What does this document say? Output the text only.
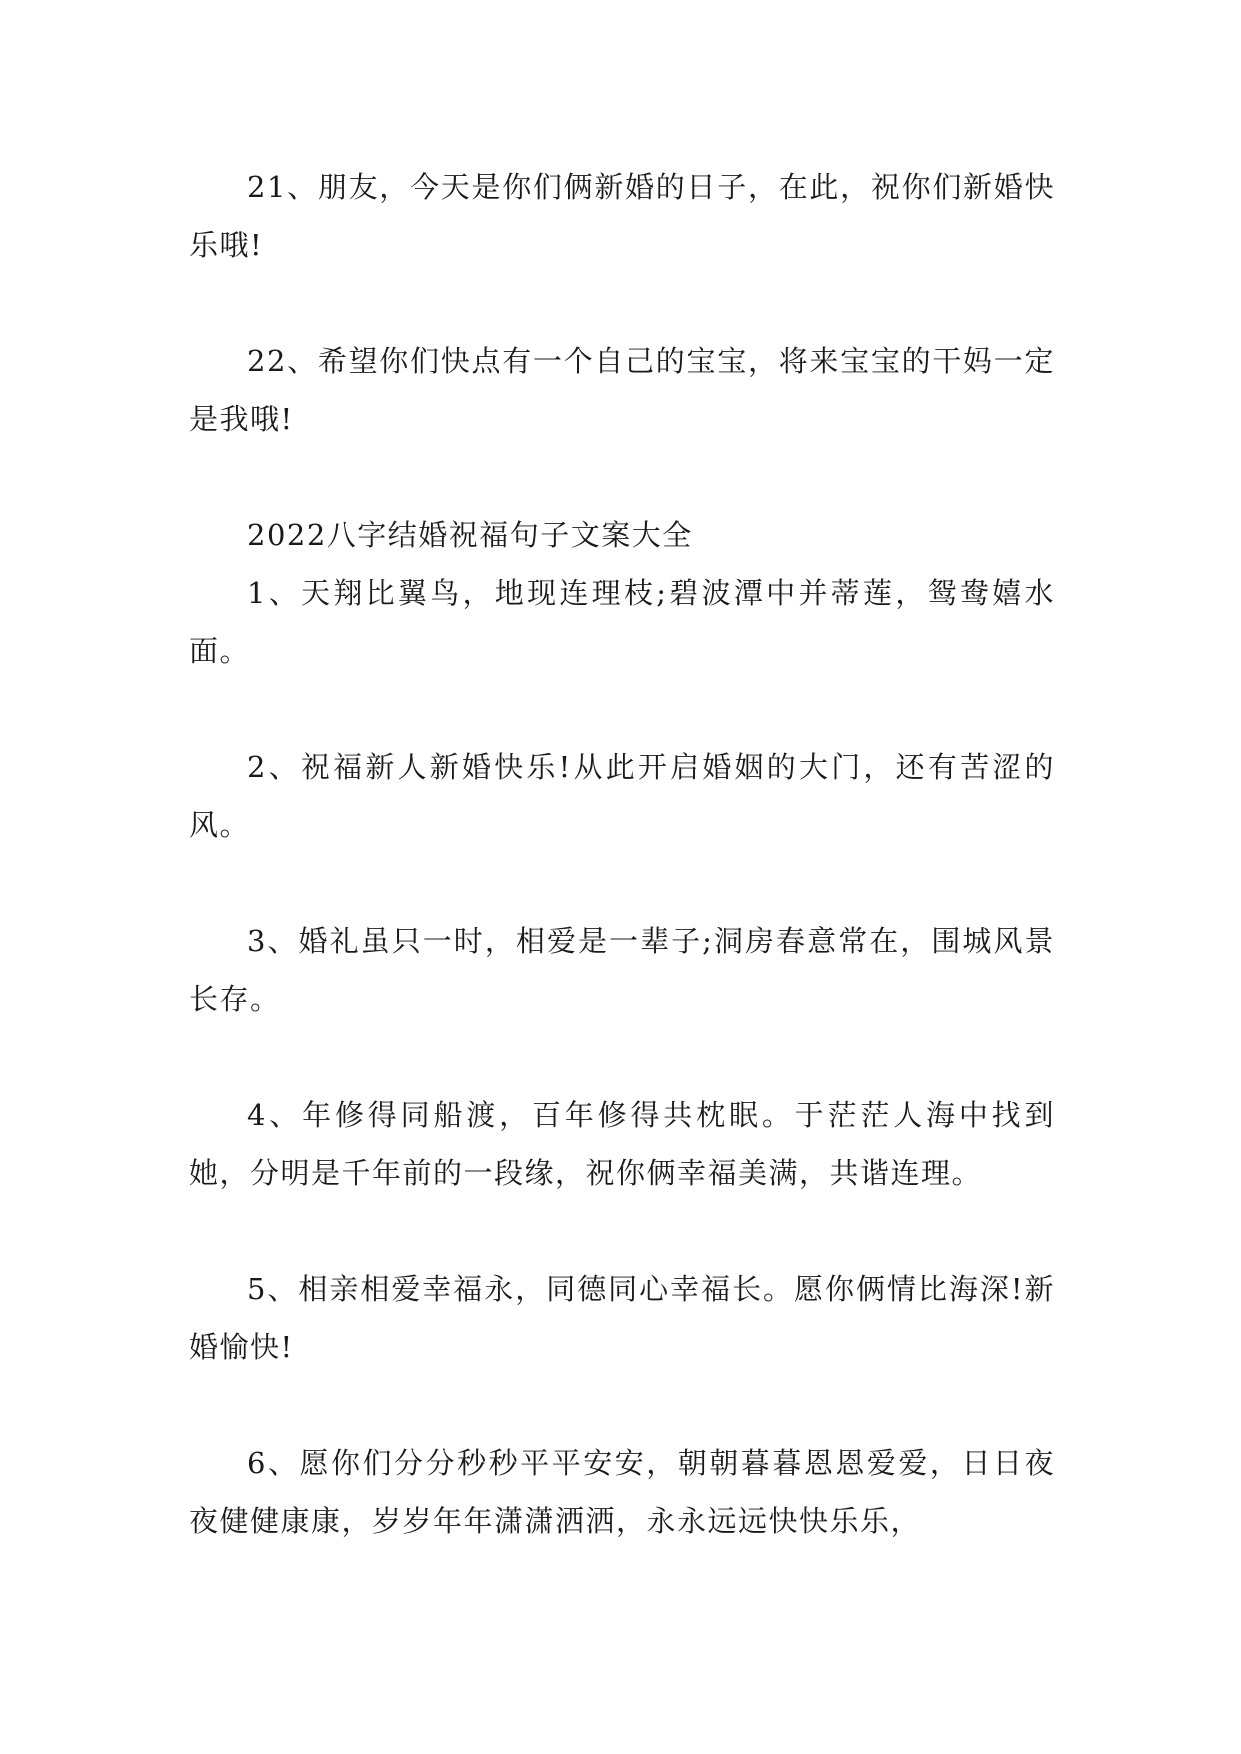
21、朋友，今天是你们俩新婚的日子，在此，祝你们新婚快乐哦!

22、希望你们快点有一个自己的宝宝，将来宝宝的干妈一定是我哦!

2022八字结婚祝福句子文案大全

1、天翔比翼鸟，地现连理枝;碧波潭中并蒂莲，鸳鸯嬉水面。

2、祝福新人新婚快乐!从此开启婚姻的大门，还有苦涩的风。

3、婚礼虽只一时，相爱是一辈子;洞房春意常在，围城风景长存。

4、年修得同船渡，百年修得共枕眠。于茫茫人海中找到她，分明是千年前的一段缘，祝你俩幸福美满，共谐连理。

5、相亲相爱幸福永，同德同心幸福长。愿你俩情比海深!新婚愉快!

6、愿你们分分秒秒平平安安，朝朝暮暮恩恩爱爱，日日夜夜健健康康，岁岁年年潇潇洒洒，永永远远快快乐乐，
